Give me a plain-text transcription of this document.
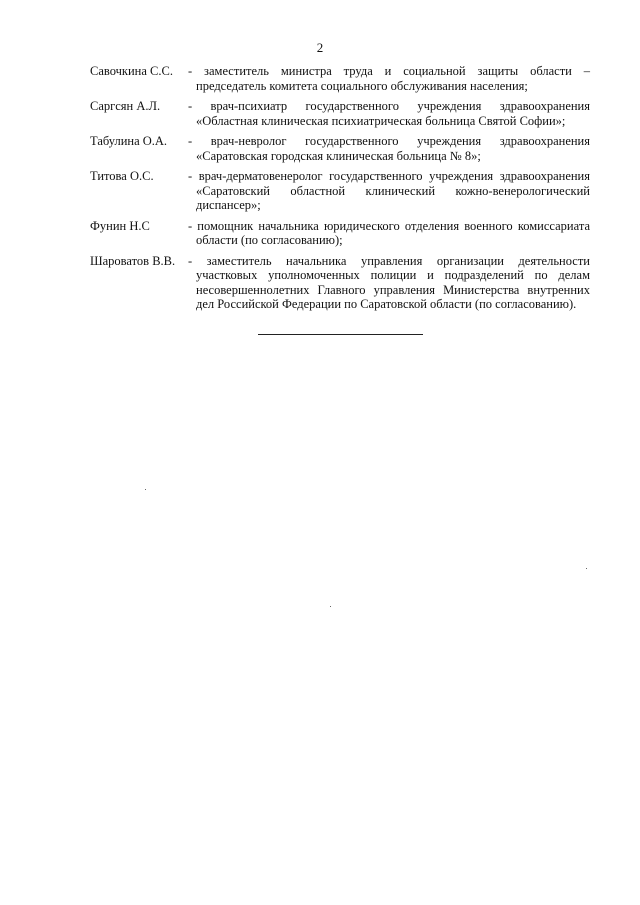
2
Савочкина С.С.	- заместитель министра труда и социальной защиты области – председатель комитета социального обслуживания населения;
Саргсян А.Л.	- врач-психиатр государственного учреждения здравоохранения «Областная клиническая психиатрическая больница Святой Софии»;
Табулина О.А.	- врач-невролог государственного учреждения здравоохранения «Саратовская городская клиническая больница № 8»;
Титова О.С.	- врач-дерматовенеролог государственного учреждения здравоохранения «Саратовский областной клинический кожно-венерологический диспансер»;
Фунин Н.С	- помощник начальника юридического отделения военного комиссариата области (по согласованию);
Шароватов В.В.	- заместитель начальника управления организации деятельности участковых уполномоченных полиции и подразделений по делам несовершеннолетних Главного управления Министерства внутренних дел Российской Федерации по Саратовской области (по согласованию).
